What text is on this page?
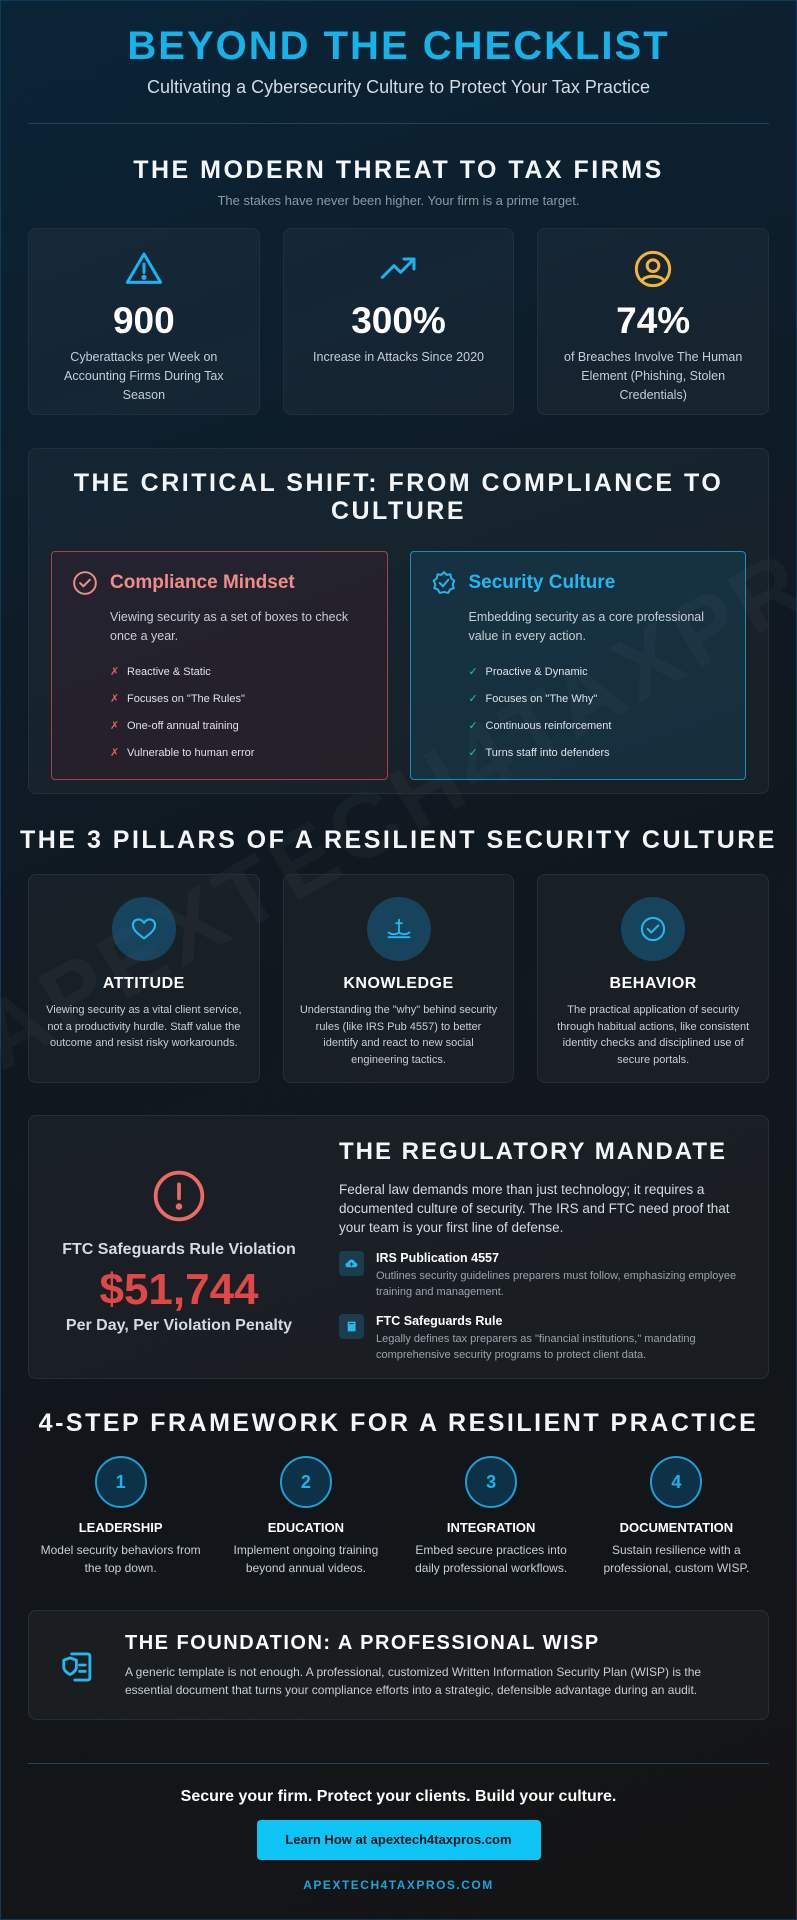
BEYOND THE CHECKLIST

Cultivating a Cybersecurity Culture to Protect Your Tax Practice

THE MODERN THREAT TO TAX FIRMS

The stakes have never been higher. Your firm is a prime target.

900
Cyberattacks per Week on Accounting Firms During Tax Season
300%
Increase in Attacks Since 2020
74%
of Breaches Involve The Human Element (Phishing, Stolen Credentials)
THE CRITICAL SHIFT: FROM COMPLIANCE TO CULTURE
Compliance Mindset

Viewing security as a set of boxes to check once a year.

✗ Reactive & Static
✗ Focuses on "The Rules"
✗ One-off annual training
✗ Vulnerable to human error
Security Culture

Embedding security as a core professional value in every action.

✓ Proactive & Dynamic
✓ Focuses on "The Why"
✓ Continuous reinforcement
✓ Turns staff into defenders
THE 3 PILLARS OF A RESILIENT SECURITY CULTURE
ATTITUDE
Viewing security as a vital client service, not a productivity hurdle. Staff value the outcome and resist risky workarounds.
KNOWLEDGE
Understanding the "why" behind security rules (like IRS Pub 4557) to better identify and react to new social engineering tactics.
BEHAVIOR
The practical application of security through habitual actions, like consistent identity checks and disciplined use of secure portals.
FTC Safeguards Rule Violation
$51,744
Per Day, Per Violation Penalty
THE REGULATORY MANDATE

Federal law demands more than just technology; it requires a documented culture of security. The IRS and FTC need proof that your team is your first line of defense.

IRS Publication 4557
Outlines security guidelines preparers must follow, emphasizing employee training and management.
FTC Safeguards Rule
Legally defines tax preparers as "financial institutions," mandating comprehensive security programs to protect client data.
4-STEP FRAMEWORK FOR A RESILIENT PRACTICE
1
LEADERSHIP
Model security behaviors from the top down.
2
EDUCATION
Implement ongoing training beyond annual videos.
3
INTEGRATION
Embed secure practices into daily professional workflows.
4
DOCUMENTATION
Sustain resilience with a professional, custom WISP.
THE FOUNDATION: A PROFESSIONAL WISP

A generic template is not enough. A professional, customized Written Information Security Plan (WISP) is the essential document that turns your compliance efforts into a strategic, defensible advantage during an audit.

Secure your firm. Protect your clients. Build your culture.

Learn How at apextech4taxpros.com

APEXTECH4TAXPROS.COM
